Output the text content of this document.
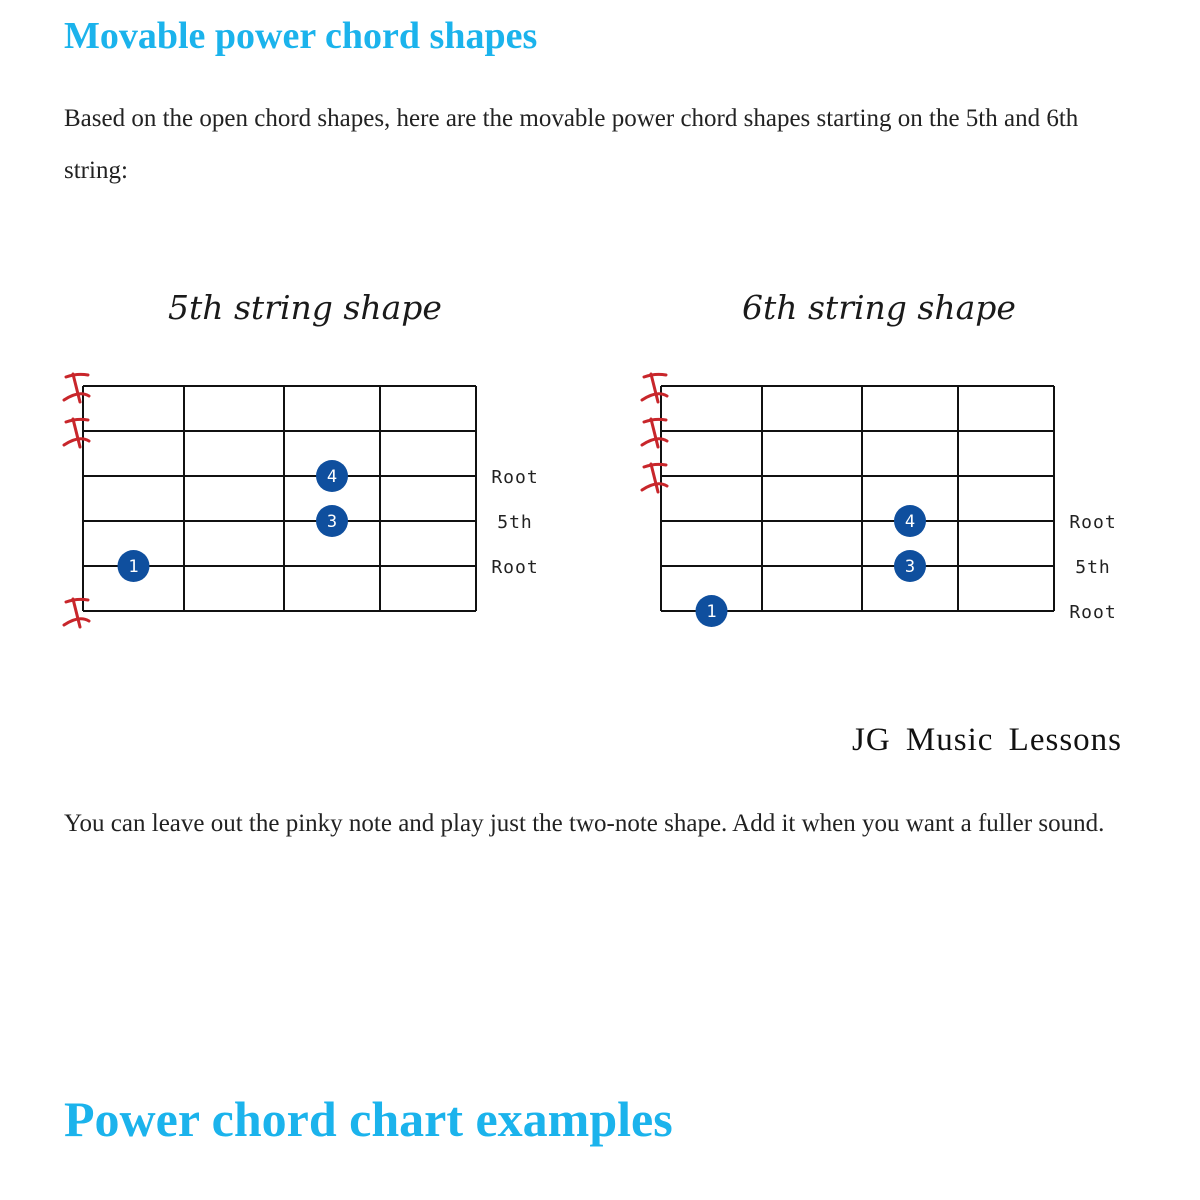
Movable power chord shapes

Based on the open chord shapes, here are the movable power chord shapes starting on the 5th and 6th string:

5th string shape	6th string shape
4
3
1
Root
5th
Root
4
3
1
Root
5th
Root
JG Music Lessons

You can leave out the pinky note and play just the two-note shape. Add it when you want a fuller sound.

Power chord chart examples
